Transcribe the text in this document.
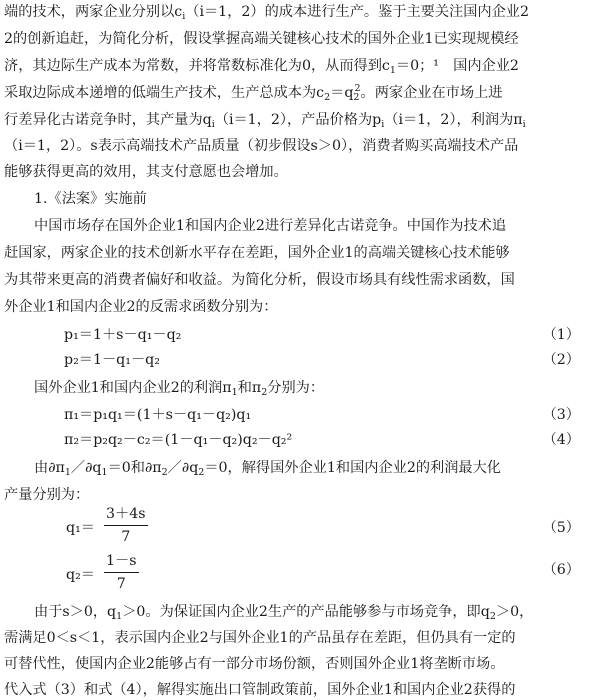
端的技术，两家企业分别以$c_i(i=1$，2）的成本进行生产。鉴于主要关注国内企业2
2的创新追赶，为简化分析，假设掌握高端关键核心技术的国外企业1已实现规模经
济，其边际生产成本为常数，并将常数标准化为0，从而得到$c_1=0$；¹　国内企业2
采取边际成本递增的低端生产技术，生产总成本为$c_2=q_2^2$。两家企业在市场上进
行差异化古诺竞争时，其产量为$q_i(i=1$，2），产品价格为$p_i(i=1$，2），利润为$\pi_i$
（i＝1，2）。s表示高端技术产品质量（初步假设s＞0），消费者购买高端技术产品
能够获得更高的效用，其支付意愿也会增加。
1.《法案》实施前
中国市场存在国外企业1和国内企业2进行差异化古诺竞争。中国作为技术追
赶国家，两家企业的技术创新水平存在差距，国外企业1的高端关键核心技术能够
为其带来更高的消费者偏好和收益。为简化分析，假设市场具有线性需求函数，国
外企业1和国内企业2的反需求函数分别为：
p₁＝1＋s－q₁－q₂	（1）
p₂＝1－q₁－q₂	（2）
国外企业1和国内企业2的利润$\pi_1$和$\pi_2$分别为：
π₁＝p₁q₁＝(1＋s－q₁－q₂)q₁	（3）
π₂＝p₂q₂－c₂＝(1－q₁－q₂)q₂－q₂²	（4）
由$\partial\pi_1/\partial q_1=0$和$\partial\pi_2/\partial q_2=0$，解得国外企业1和国内企业2的利润最大化
产量分别为：
$q_1= \frac{3+4s}{7}$	（5）
$q_2= \frac{1-s}{7}$	（6）
由于s＞0，$q_1>0$。为保证国内企业2生产的产品能够参与市场竞争，即$q_2>0$，
需满足0＜s＜1，表示国内企业2与国外企业1的产品虽存在差距，但仍具有一定的
可替代性，使国内企业2能够占有一部分市场份额，否则国外企业1将垄断市场。
代入式（3）和式（4），解得实施出口管制政策前，国外企业1和国内企业2获得的
